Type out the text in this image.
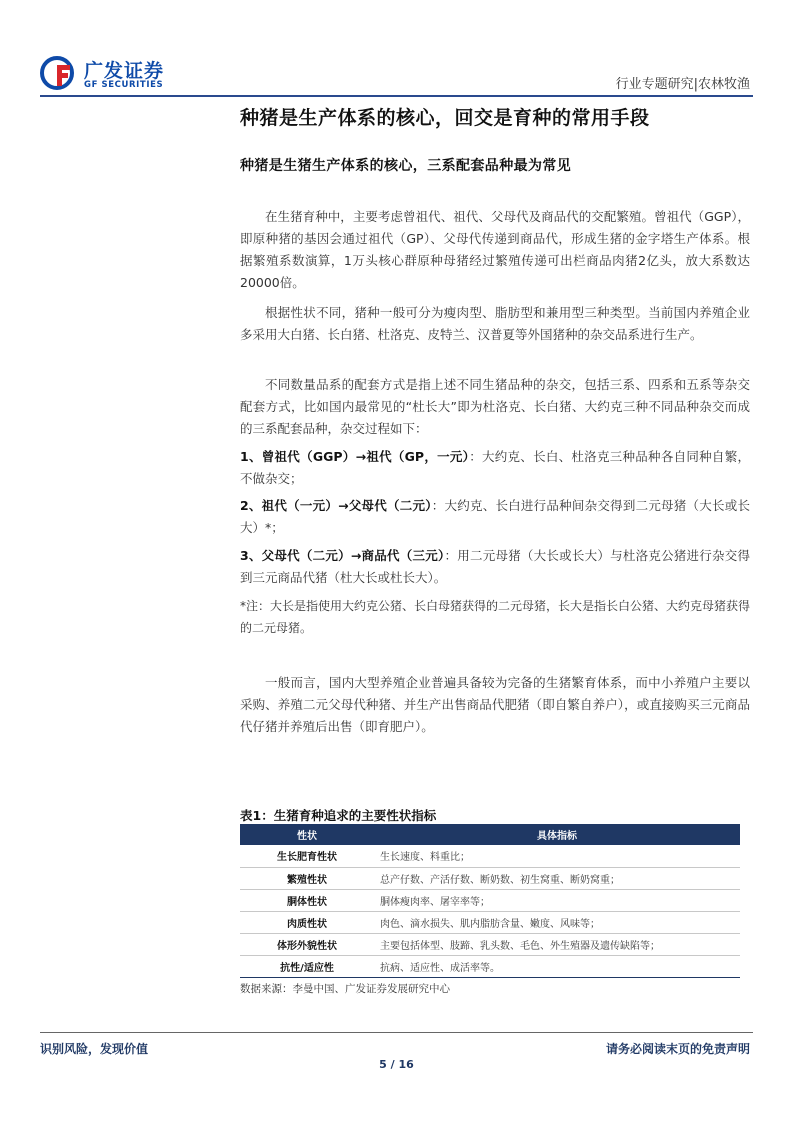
广发证券
GF SECURITIES	行业专题研究|农林牧渔
种猪是生产体系的核心，回交是育种的常用手段
种猪是生猪生产体系的核心，三系配套品种最为常见

在生猪育种中，主要考虑曾祖代、祖代、父母代及商品代的交配繁殖。曾祖代（GGP）， 即原种猪的基因会通过祖代（GP）、父母代传递到商品代，形成生猪的金字塔生产体系。根据繁殖系数演算，1万头核心群原种母猪经过繁殖传递可出栏商品肉猪2亿头，放大系数达20000倍。

根据性状不同，猪种一般可分为瘦肉型、脂肪型和兼用型三种类型。当前国内养殖企业多采用大白猪、长白猪、杜洛克、皮特兰、汉普夏等外国猪种的杂交品系进行生产。

不同数量品系的配套方式是指上述不同生猪品种的杂交，包括三系、四系和五系等杂交配套方式，比如国内最常见的“杜长大”即为杜洛克、长白猪、大约克三种不同品种杂交而成的三系配套品种，杂交过程如下：

1、曾祖代（GGP）→祖代（GP，一元）：大约克、长白、杜洛克三种品种各自同种自繁，不做杂交；

2、祖代（一元）→父母代（二元）：大约克、长白进行品种间杂交得到二元母猪（大长或长大）*；

3、父母代（二元）→商品代（三元）：用二元母猪（大长或长大）与杜洛克公猪进行杂交得到三元商品代猪（杜大长或杜长大）。

*注：大长是指使用大约克公猪、长白母猪获得的二元母猪，长大是指长白公猪、大约克母猪获得的二元母猪。

一般而言，国内大型养殖企业普遍具备较为完备的生猪繁育体系，而中小养殖户主要以采购、养殖二元父母代种猪、并生产出售商品代肥猪（即自繁自养户），或直接购买三元商品代仔猪并养殖后出售（即育肥户）。

表1：生猪育种追求的主要性状指标
性状	具体指标
生长肥育性状	生长速度、料重比；
繁殖性状	总产仔数、产活仔数、断奶数、初生窝重、断奶窝重；
胴体性状	胴体瘦肉率、屠宰率等；
肉质性状	肉色、滴水损失、肌内脂肪含量、嫩度、风味等；
体形外貌性状	主要包括体型、肢蹄、乳头数、毛色、外生殖器及遗传缺陷等；
抗性/适应性	抗病、适应性、成活率等。
数据来源：李曼中国、广发证券发展研究中心
识别风险，发现价值	请务必阅读末页的免责声明
5 / 16
